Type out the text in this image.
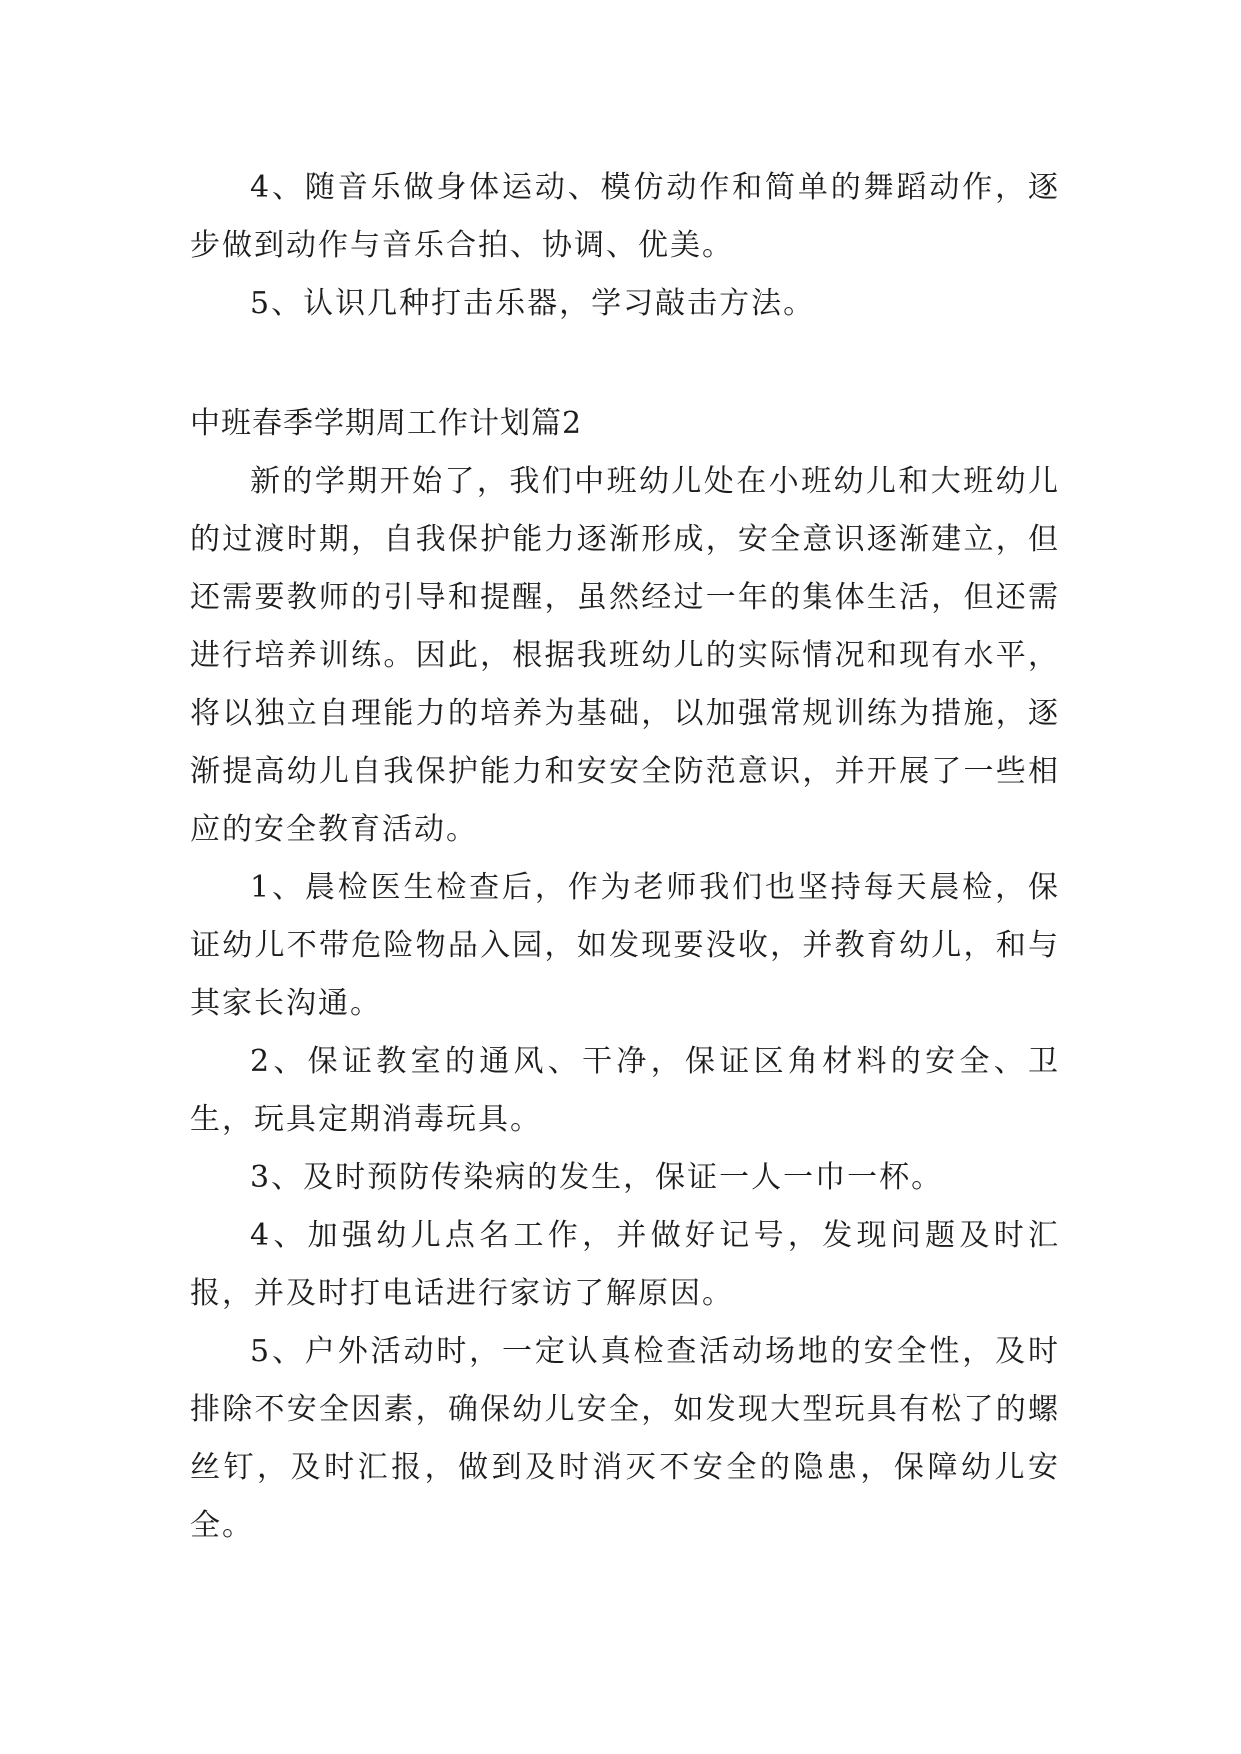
4、随音乐做身体运动、模仿动作和简单的舞蹈动作，逐步做到动作与音乐合拍、协调、优美。

5、认识几种打击乐器，学习敲击方法。

中班春季学期周工作计划篇2

新的学期开始了，我们中班幼儿处在小班幼儿和大班幼儿的过渡时期，自我保护能力逐渐形成，安全意识逐渐建立，但还需要教师的引导和提醒，虽然经过一年的集体生活，但还需进行培养训练。因此，根据我班幼儿的实际情况和现有水平，将以独立自理能力的培养为基础，以加强常规训练为措施，逐渐提高幼儿自我保护能力和安安全防范意识，并开展了一些相应的安全教育活动。

1、晨检医生检查后，作为老师我们也坚持每天晨检，保证幼儿不带危险物品入园，如发现要没收，并教育幼儿，和与其家长沟通。

2、保证教室的通风、干净，保证区角材料的安全、卫生，玩具定期消毒玩具。

3、及时预防传染病的发生，保证一人一巾一杯。

4、加强幼儿点名工作，并做好记号，发现问题及时汇报，并及时打电话进行家访了解原因。

5、户外活动时，一定认真检查活动场地的安全性，及时排除不安全因素，确保幼儿安全，如发现大型玩具有松了的螺丝钉，及时汇报，做到及时消灭不安全的隐患，保障幼儿安全。
